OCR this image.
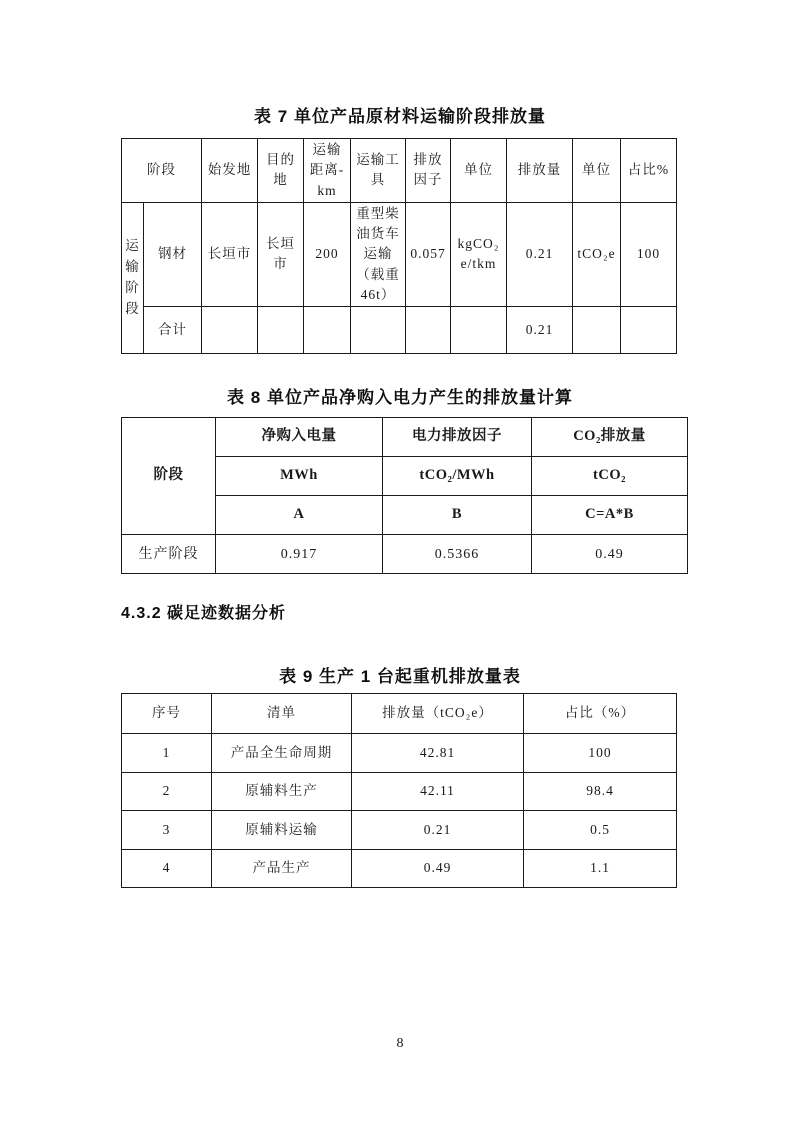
表 7 单位产品原材料运输阶段排放量
阶段		始发地	目的地	运输距离-km	运输工具	排放因子	单位	排放量	单位	占比%
运输阶段	钢材	长垣市	长垣市	200	重型柴油货车运输（载重46t）	0.057	kgCO₂e/tkm	0.21	tCO₂e	100
	合计							0.21		
表 8 单位产品净购入电力产生的排放量计算
阶段	净购入电量	电力排放因子	CO₂排放量
	MWh	tCO₂/MWh	tCO₂
	A	B	C=A*B
生产阶段	0.917	0.5366	0.49
4.3.2 碳足迹数据分析
表 9 生产 1 台起重机排放量表
序号	清单	排放量（tCO₂e）	占比（%）
1	产品全生命周期	42.81	100
2	原辅料生产	42.11	98.4
3	原辅料运输	0.21	0.5
4	产品生产	0.49	1.1
8
